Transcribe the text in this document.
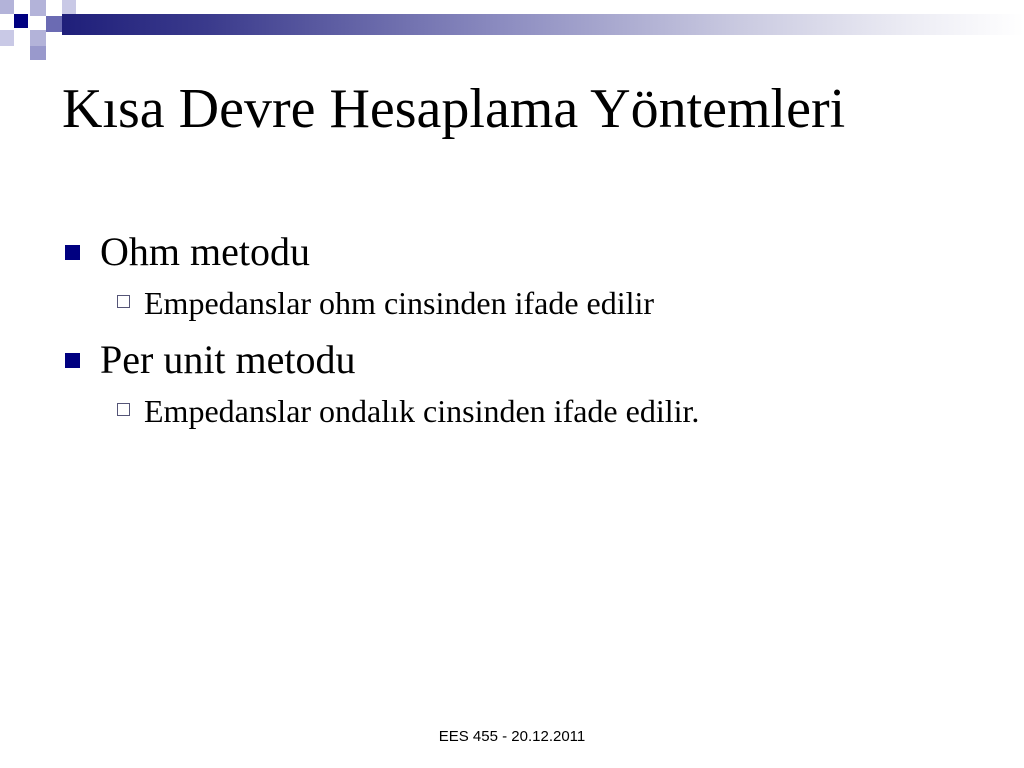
Kısa Devre Hesaplama Yöntemleri
Ohm metodu
Empedanslar ohm cinsinden ifade edilir
Per unit metodu
Empedanslar ondalık cinsinden ifade edilir.
EES 455 - 20.12.2011
